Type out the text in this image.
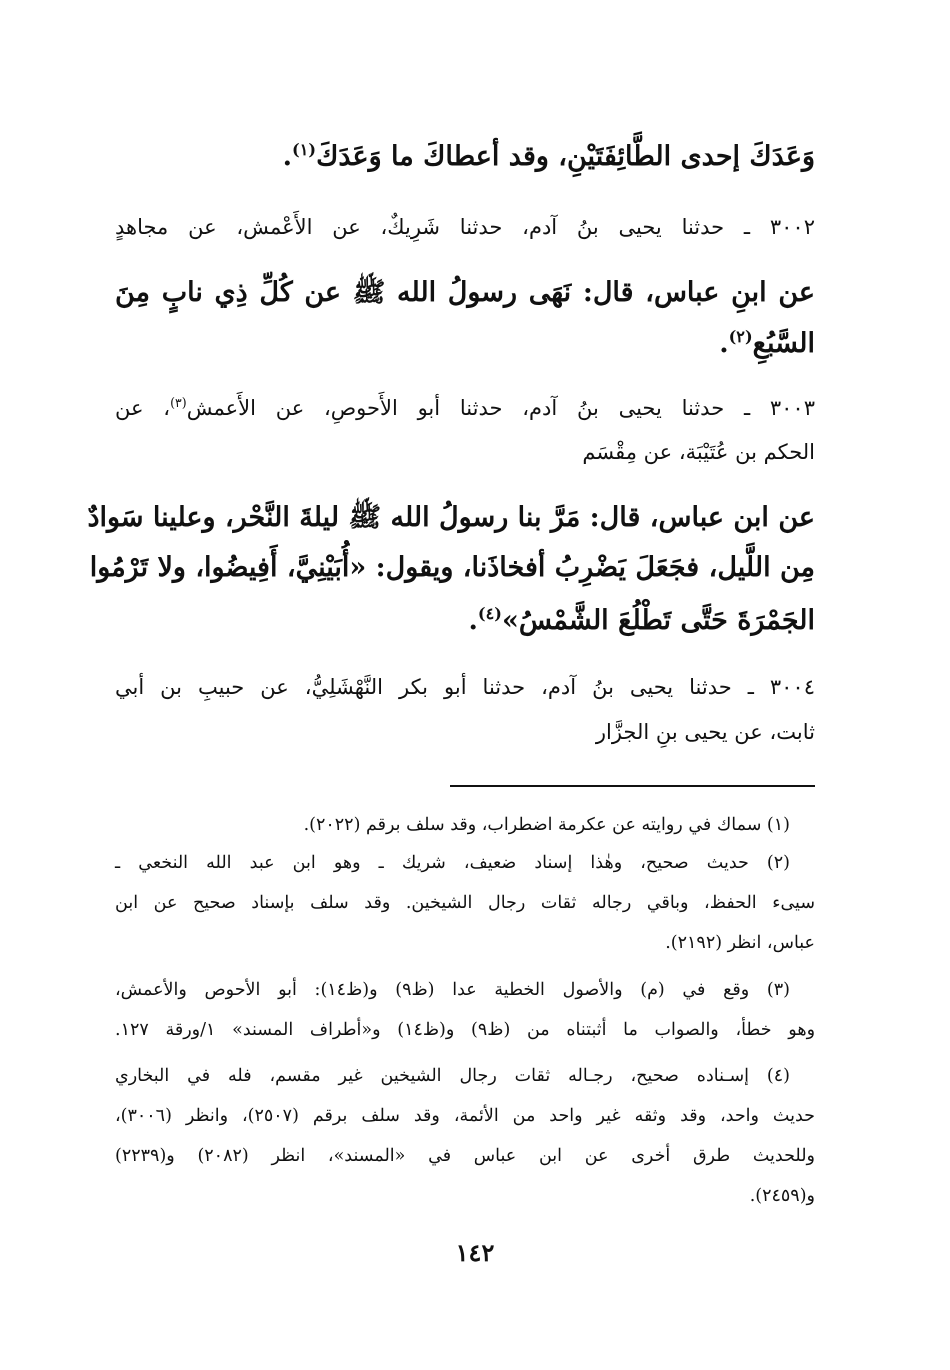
وَعَدَكَ إحدى الطَّائِفَتَيْنِ، وقد أعطاكَ ما وَعَدَكَ$^{(١)}$.
٣٠٠٢ ـ حدثنا يحيى بنُ آدم، حدثنا شَرِيكٌ، عن الأَعْمش، عن مجاهدٍ
عن ابنِ عباس، قال: نَهَى رسولُ الله ﷺ عن كُلِّ ذِي نابٍ مِنَ
السَّبُعِ$^{(٢)}$.
٣٠٠٣ ـ حدثنا يحيى بنُ آدم، حدثنا أبو الأَحوصِ، عن الأَعمش$^{(٣)}$، عن
الحكم بن عُتَيْبَة، عن مِقْسَم
عن ابن عباس، قال: مَرَّ بنا رسولُ الله ﷺ ليلةَ النَّحْر، وعلينا سَوادٌ
مِن اللَّيل، فجَعَلَ يَضْرِبُ أفخاذَنا، ويقول: «أُبَيْنِيَّ، أَفِيضُوا، ولا تَرْمُوا
الجَمْرَةَ حَتَّى تَطْلُعَ الشَّمْسُ»$^{(٤)}$.
٣٠٠٤ ـ حدثنا يحيى بنُ آدم، حدثنا أبو بكر النَّهْشَلِيُّ، عن حبيبِ بن أبي
ثابت، عن يحيى بنِ الجزَّار
(١) سماك في روايته عن عكرمة اضطراب، وقد سلف برقم (٢٠٢٢).
(٢) حديث صحيح، وهٰذا إسناد ضعيف، شريك ـ وهو ابن عبد الله النخعي ـ
سيىء الحفظ، وباقي رجاله ثقات رجال الشيخين. وقد سلف بإسناد صحيح عن ابن
عباس، انظر (٢١٩٢).
(٣) وقع في (م) والأصول الخطية عدا (ظ٩) و(ظ١٤): أبو الأحوص والأعمش،
وهو خطأ، والصواب ما أثبتناه من (ظ٩) و(ظ١٤) و«أطراف المسند» ١/ورقة ١٢٧.
(٤) إسـناده صحيح، رجـاله ثقات رجال الشيخين غير مقسم، فله في البخاري
حديث واحد، وقد وثقه غير واحد من الأئمة، وقد سلف برقم (٢٥٠٧)، وانظر (٣٠٠٦)،
وللحديث طرق أخرى عن ابن عباس في «المسند»، انظر (٢٠٨٢) و(٢٢٣٩)
و(٢٤٥٩).
١٤٢
